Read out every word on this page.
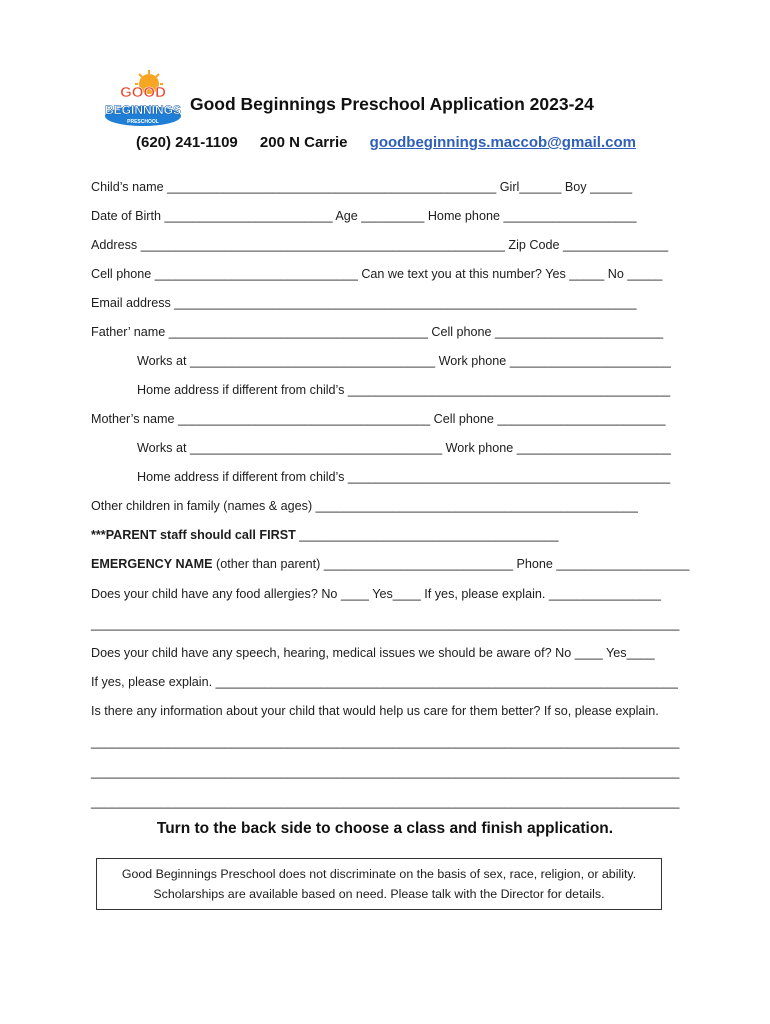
GOOD
BEGINNINGS
PRESCHOOL
Good Beginnings Preschool Application 2023-24
(620) 241-1109 200 N Carrie goodbeginnings.maccob@gmail.com
Child’s name _______________________________________________ Girl______ Boy ______
Date of Birth ________________________ Age _________ Home phone ___________________
Address ____________________________________________________ Zip Code _______________
Cell phone _____________________________ Can we text you at this number? Yes _____ No _____
Email address __________________________________________________________________
Father’ name _____________________________________ Cell phone ________________________
Works at ___________________________________ Work phone _______________________
Home address if different from child’s ______________________________________________
Mother’s name ____________________________________ Cell phone ________________________
Works at ____________________________________ Work phone ______________________
Home address if different from child’s ______________________________________________
Other children in family (names & ages) ______________________________________________
***PARENT staff should call FIRST _____________________________________
EMERGENCY NAME (other than parent) ___________________________ Phone ___________________
Does your child have any food allergies? No ____ Yes____ If yes, please explain. ________________
____________________________________________________________________________________
Does your child have any speech, hearing, medical issues we should be aware of? No ____ Yes____
If yes, please explain. __________________________________________________________________
Is there any information about your child that would help us care for them better? If so, please explain.
____________________________________________________________________________________
____________________________________________________________________________________
____________________________________________________________________________________
Turn to the back side to choose a class and finish application.
Good Beginnings Preschool does not discriminate on the basis of sex, race, religion, or ability.
Scholarships are available based on need. Please talk with the Director for details.
